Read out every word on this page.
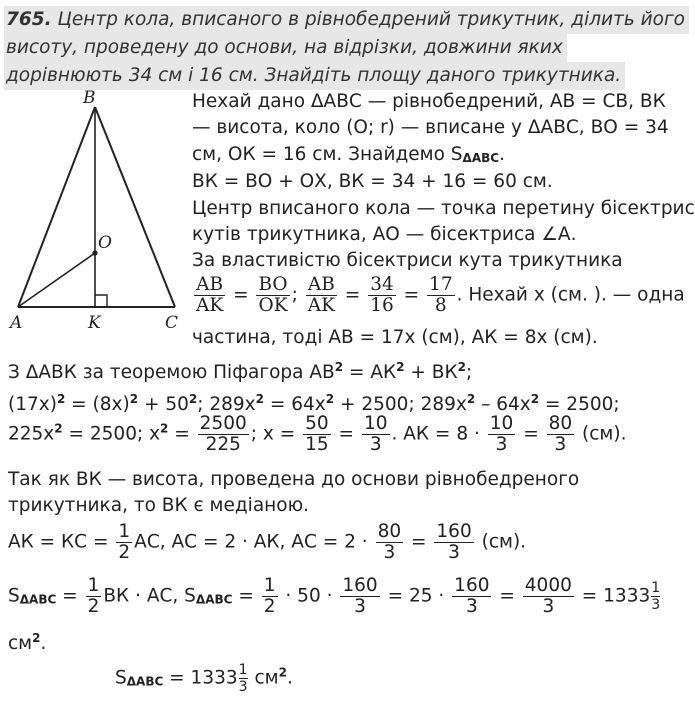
765. Центр кола, вписаного в рівнобедрений трикутник, ділить його
висоту, проведену до основи, на відрізки, довжини яких
дорівнюють 34 см і 16 см. Знайдіть площу даного трикутника.
B
O
A	K	C
Нехай дано ΔАВС — рівнобедрений, АВ = СВ, ВК
— висота, коло (О; r) — вписане у ΔАВС, ВО = 34
см, ОК = 16 см. Знайдемо SΔABC.
ВК = ВО + ОХ, ВК = 34 + 16 = 60 см.
Центр вписаного кола — точка перетину бісектрис
кутів трикутника, АО — бісектриса ∠А.
За властивістю бісектриси кута трикутника
$\frac{AB}{AK} = \frac{BO}{OK}$ ; $\frac{AB}{AK} = \frac{34}{16} = \frac{17}{8}$ . Нехай x (см. ). — одна
частина, тоді АВ = 17х (см), АК = 8х (см).
З ΔАВК за теоремою Піфагора $АВ^2 = АК^2 + ВК^2$;
$(17х)^2 = (8х)^2 + 50^2$; $289х^2 = 64х^2 + 2500$; $289х^2 - 64х^2 = 2500$;
$225х^2 = 2500$; $х^2 = \frac{2500}{225}$ ; $х = \frac{50}{15} = \frac{10}{3}$ . АК = $8 \cdot \frac{10}{3} = \frac{80}{3} (см)$.
Так як ВК — висота, проведена до основи рівнобедреного
трикутника, то ВК є медіаною.
АК = КС = $\frac{1}{2}$ АС, АС = 2 · АК, АС = $2 \cdot \frac{80}{3} = \frac{160}{3} (см)$.
$S\Delta ABC = \frac{1}{2}$ ВК · АС, $S\Delta ABC = \frac{1}{2} \cdot 50 \cdot \frac{160}{3} = 25 \cdot \frac{160}{3} = \frac{4000}{3} = 1333 \frac{1}{3}$
$см^2$.
$S\Delta ABC = 1333 \frac{1}{3} см^2$.
